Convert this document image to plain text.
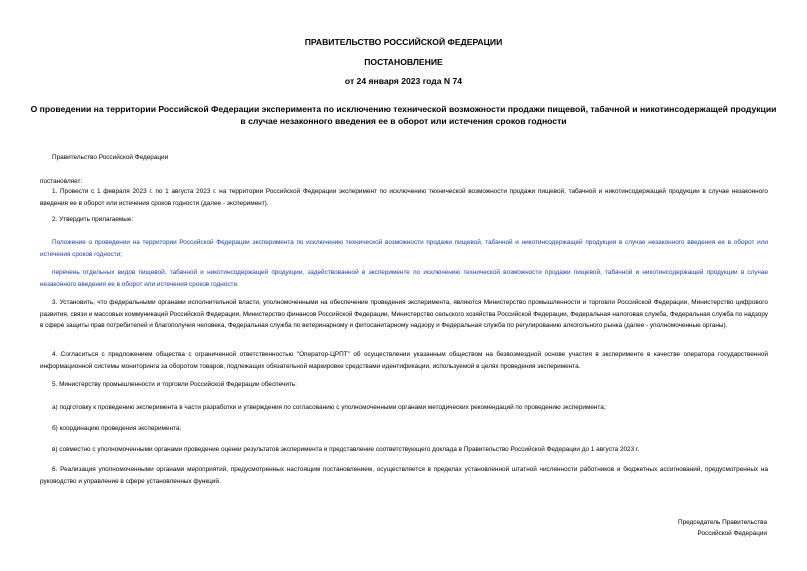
ПРАВИТЕЛЬСТВО РОССИЙСКОЙ ФЕДЕРАЦИИ
ПОСТАНОВЛЕНИЕ
от 24 января 2023 года N 74
О проведении на территории Российской Федерации эксперимента по исключению технической возможности продажи пищевой, табачной и никотинсодержащей продукции в случае незаконного введения ее в оборот или истечения сроков годности
Правительство Российской Федерации
постановляет:
1. Провести с 1 февраля 2023 г. по 1 августа 2023 г. на территории Российской Федерации эксперимент по исключению технической возможности продажи пищевой, табачной и никотинсодержащей продукции в случае незаконного введения ее в оборот или истечения сроков годности (далее - эксперимент).
2. Утвердить прилагаемые:
Положение о проведении на территории Российской Федерации эксперимента по исключению технической возможности продажи пищевой, табачной и никотинсодержащей продукции в случае незаконного введения ее в оборот или истечения сроков годности;
перечень отдельных видов пищевой, табачной и никотинсодержащей продукции, задействованной в эксперименте по исключению технической возможности продажи пищевой, табачной и никотинсодержащей продукции в случае незаконного введения ее в оборот или истечения сроков годности.
3. Установить, что федеральными органами исполнительной власти, уполномоченными на обеспечение проведения эксперимента, являются Министерство промышленности и торговли Российской Федерации, Министерство цифрового развития, связи и массовых коммуникаций Российской Федерации, Министерство финансов Российской Федерации, Министерство сельского хозяйства Российской Федерации, Федеральная налоговая служба, Федеральная служба по надзору в сфере защиты прав потребителей и благополучия человека, Федеральная служба по ветеринарному и фитосанитарному надзору и Федеральная служба по регулированию алкогольного рынка (далее - уполномоченные органы).
4. Согласиться с предложением общества с ограниченной ответственностью "Оператор-ЦРПТ" об осуществлении указанным обществом на безвозмездной основе участия в эксперименте в качестве оператора государственной информационной системы мониторинга за оборотом товаров, подлежащих обязательной маркировке средствами идентификации, используемой в целях проведения эксперимента.
5. Министерству промышленности и торговли Российской Федерации обеспечить:
а) подготовку к проведению эксперимента в части разработки и утверждения по согласованию с уполномоченными органами методических рекомендаций по проведению эксперимента;
б) координацию проведения эксперимента;
в) совместно с уполномоченными органами проведение оценки результатов эксперимента и представление соответствующего доклада в Правительство Российской Федерации до 1 августа 2023 г.
6. Реализация уполномоченными органами мероприятий, предусмотренных настоящим постановлением, осуществляется в пределах установленной штатной численности работников и бюджетных ассигнований, предусмотренных на руководство и управление в сфере установленных функций.
Председатель Правительства
Российской Федерации
